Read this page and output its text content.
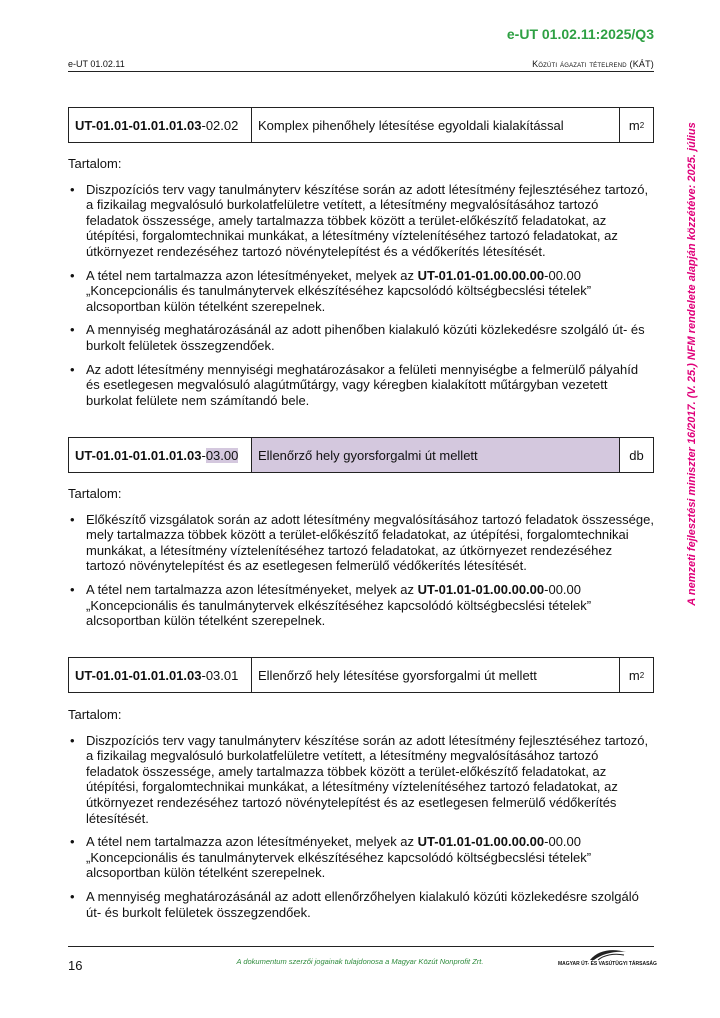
e-UT 01.02.11:2025/Q3
e-UT 01.02.11	Közúti ágazati tételrend (KÁT)
UT-01.01-01.01.01.03 -02.02	Komplex pihenőhely létesítése egyoldali kialakítással	m 2

Tartalom:

• Diszpozíciós terv vagy tanulmányterv készítése során az adott létesítmény fejlesztéséhez tartozó, a fizikailag megvalósuló burkolatfelületre vetített, a létesítmény megvalósításához tartozó feladatok összessége, amely tartalmazza többek között a terület-előkészítő feladatokat, az útépítési, forgalomtechnikai munkákat, a létesítmény víztelenítéséhez tartozó feladatokat, az útkörnyezet rendezéséhez tartozó növénytelepítést és a védőkerítés létesítését.
• A tétel nem tartalmazza azon létesítményeket, melyek az UT-01.01-01.00.00.00-00.00 „Koncepcionális és tanulmánytervek elkészítéséhez kapcsolódó költségbecslési tételek” alcsoportban külön tételként szerepelnek.
• A mennyiség meghatározásánál az adott pihenőben kialakuló közúti közlekedésre szolgáló út- és burkolt felületek összegzendőek.
• Az adott létesítmény mennyiségi meghatározásakor a felületi mennyiségbe a felmerülő pályahíd és esetlegesen megvalósuló alagútműtárgy, vagy kéregben kialakított műtárgyban vezetett burkolat felülete nem számítandó bele.
UT-01.01-01.01.01.03 - 03.00	Ellenőrző hely gyorsforgalmi út mellett	db

Tartalom:

• Előkészítő vizsgálatok során az adott létesítmény megvalósításához tartozó feladatok összessége, mely tartalmazza többek között a terület-előkészítő feladatokat, az útépítési, forgalomtechnikai munkákat, a létesítmény víztelenítéséhez tartozó feladatokat, az útkörnyezet rendezéséhez tartozó növénytelepítést és az esetlegesen felmerülő védőkerítés létesítését.
• A tétel nem tartalmazza azon létesítményeket, melyek az UT-01.01-01.00.00.00-00.00 „Koncepcionális és tanulmánytervek elkészítéséhez kapcsolódó költségbecslési tételek” alcsoportban külön tételként szerepelnek.
UT-01.01-01.01.01.03 -03.01	Ellenőrző hely létesítése gyorsforgalmi út mellett	m 2

Tartalom:

• Diszpozíciós terv vagy tanulmányterv készítése során az adott létesítmény fejlesztéséhez tartozó, a fizikailag megvalósuló burkolatfelületre vetített, a létesítmény megvalósításához tartozó feladatok összessége, amely tartalmazza többek között a terület-előkészítő feladatokat, az útépítési, forgalomtechnikai munkákat, a létesítmény víztelenítéséhez tartozó feladatokat, az útkörnyezet rendezéséhez tartozó növénytelepítést és az esetlegesen felmerülő védőkerítés létesítését.
• A tétel nem tartalmazza azon létesítményeket, melyek az UT-01.01-01.00.00.00-00.00 „Koncepcionális és tanulmánytervek elkészítéséhez kapcsolódó költségbecslési tételek” alcsoportban külön tételként szerepelnek.
• A mennyiség meghatározásánál az adott ellenőrzőhelyen kialakuló közúti közlekedésre szolgáló út- és burkolt felületek összegzendőek.
A nemzeti fejlesztési miniszter 16/2017. (V. 25.) NFM rendelete alapján közzétéve: 2025. július
16	A dokumentum szerzői jogainak tulajdonosa a Magyar Közút Nonprofit Zrt.	MAGYAR ÚT- ÉS VASÚTÜGYI TÁRSASÁG
